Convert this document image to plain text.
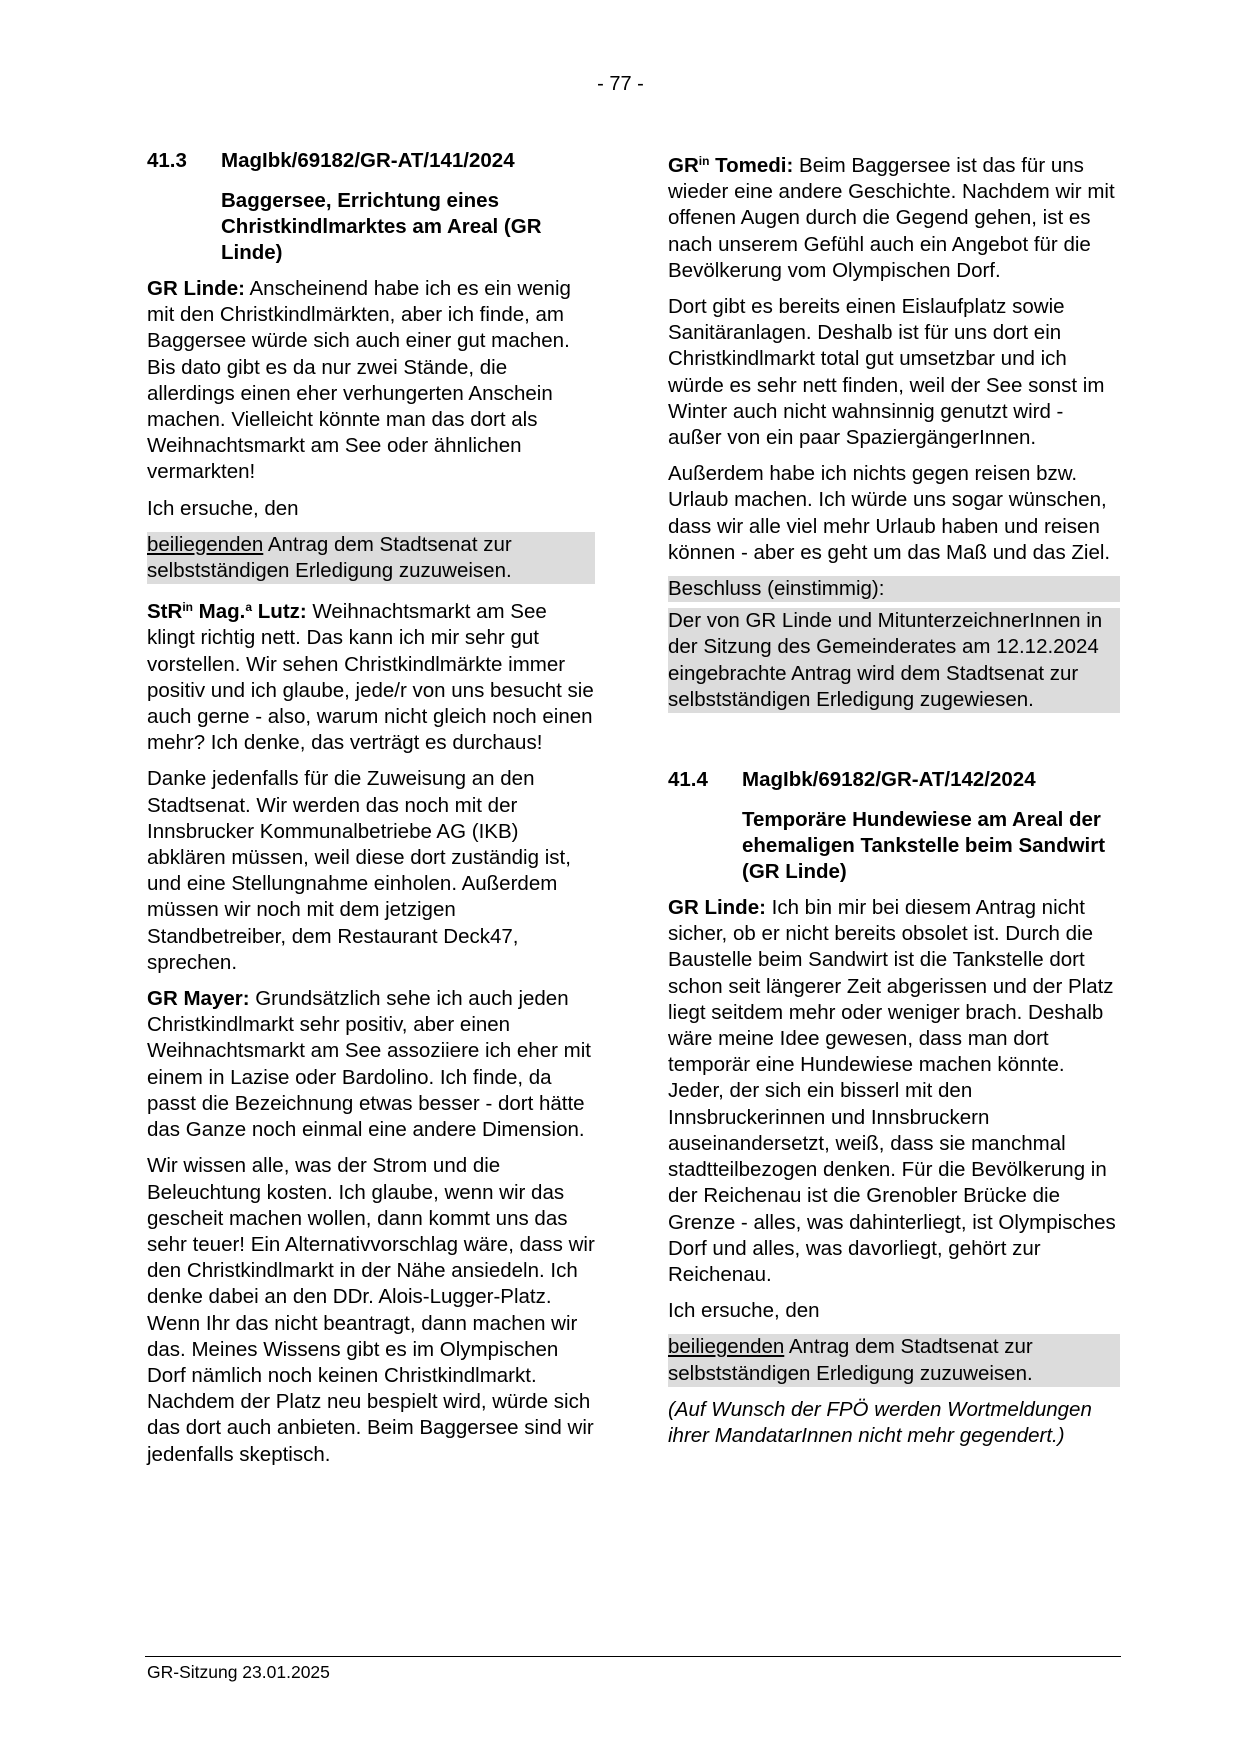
- 77 -
41.3	MagIbk/69182/GR-AT/141/2024
Baggersee, Errichtung eines Christkindlmarktes am Areal (GR Linde)

GR Linde: Anscheinend habe ich es ein wenig mit den Christkindlmärkten, aber ich finde, am Baggersee würde sich auch einer gut machen. Bis dato gibt es da nur zwei Stände, die allerdings einen eher verhungerten Anschein machen. Vielleicht könnte man das dort als Weihnachtsmarkt am See oder ähnlichen vermarkten!

Ich ersuche, den

beiliegenden Antrag dem Stadtsenat zur selbstständigen Erledigung zuzuweisen.

StR$^{in}$ Mag.$^a$ Lutz: Weihnachtsmarkt am See klingt richtig nett. Das kann ich mir sehr gut vorstellen. Wir sehen Christkindlmärkte immer positiv und ich glaube, jede/r von uns besucht sie auch gerne - also, warum nicht gleich noch einen mehr? Ich denke, das verträgt es durchaus!

Danke jedenfalls für die Zuweisung an den Stadtsenat. Wir werden das noch mit der Innsbrucker Kommunalbetriebe AG (IKB) abklären müssen, weil diese dort zuständig ist, und eine Stellungnahme einholen. Außerdem müssen wir noch mit dem jetzigen Standbetreiber, dem Restaurant Deck47, sprechen.

GR Mayer: Grundsätzlich sehe ich auch jeden Christkindlmarkt sehr positiv, aber einen Weihnachtsmarkt am See assoziiere ich eher mit einem in Lazise oder Bardolino. Ich finde, da passt die Bezeichnung etwas besser - dort hätte das Ganze noch einmal eine andere Dimension.

Wir wissen alle, was der Strom und die Beleuchtung kosten. Ich glaube, wenn wir das gescheit machen wollen, dann kommt uns das sehr teuer! Ein Alternativvorschlag wäre, dass wir den Christkindlmarkt in der Nähe ansiedeln. Ich denke dabei an den DDr. Alois-Lugger-Platz. Wenn Ihr das nicht beantragt, dann machen wir das. Meines Wissens gibt es im Olympischen Dorf nämlich noch keinen Christkindlmarkt. Nachdem der Platz neu bespielt wird, würde sich das dort auch anbieten. Beim Baggersee sind wir jedenfalls skeptisch.

$GR^{in}$ Tomedi: Beim Baggersee ist das für uns wieder eine andere Geschichte. Nachdem wir mit offenen Augen durch die Gegend gehen, ist es nach unserem Gefühl auch ein Angebot für die Bevölkerung vom Olympischen Dorf.

Dort gibt es bereits einen Eislaufplatz sowie Sanitäranlagen. Deshalb ist für uns dort ein Christkindlmarkt total gut umsetzbar und ich würde es sehr nett finden, weil der See sonst im Winter auch nicht wahnsinnig genutzt wird - außer von ein paar SpaziergängerInnen.

Außerdem habe ich nichts gegen reisen bzw. Urlaub machen. Ich würde uns sogar wünschen, dass wir alle viel mehr Urlaub haben und reisen können - aber es geht um das Maß und das Ziel.

Beschluss (einstimmig):

Der von GR Linde und MitunterzeichnerInnen in der Sitzung des Gemeinderates am 12.12.2024 eingebrachte Antrag wird dem Stadtsenat zur selbstständigen Erledigung zugewiesen.

41.4	MagIbk/69182/GR-AT/142/2024
Temporäre Hundewiese am Areal der ehemaligen Tankstelle beim Sandwirt (GR Linde)

GR Linde: Ich bin mir bei diesem Antrag nicht sicher, ob er nicht bereits obsolet ist. Durch die Baustelle beim Sandwirt ist die Tankstelle dort schon seit längerer Zeit abgerissen und der Platz liegt seitdem mehr oder weniger brach. Deshalb wäre meine Idee gewesen, dass man dort temporär eine Hundewiese machen könnte. Jeder, der sich ein bisserl mit den Innsbruckerinnen und Innsbruckern auseinandersetzt, weiß, dass sie manchmal stadtteilbezogen denken. Für die Bevölkerung in der Reichenau ist die Grenobler Brücke die Grenze - alles, was dahinterliegt, ist Olympisches Dorf und alles, was davorliegt, gehört zur Reichenau.

Ich ersuche, den

beiliegenden Antrag dem Stadtsenat zur selbstständigen Erledigung zuzuweisen.

(Auf Wunsch der FPÖ werden Wortmeldungen ihrer MandatarInnen nicht mehr gegendert.)

GR-Sitzung 23.01.2025
